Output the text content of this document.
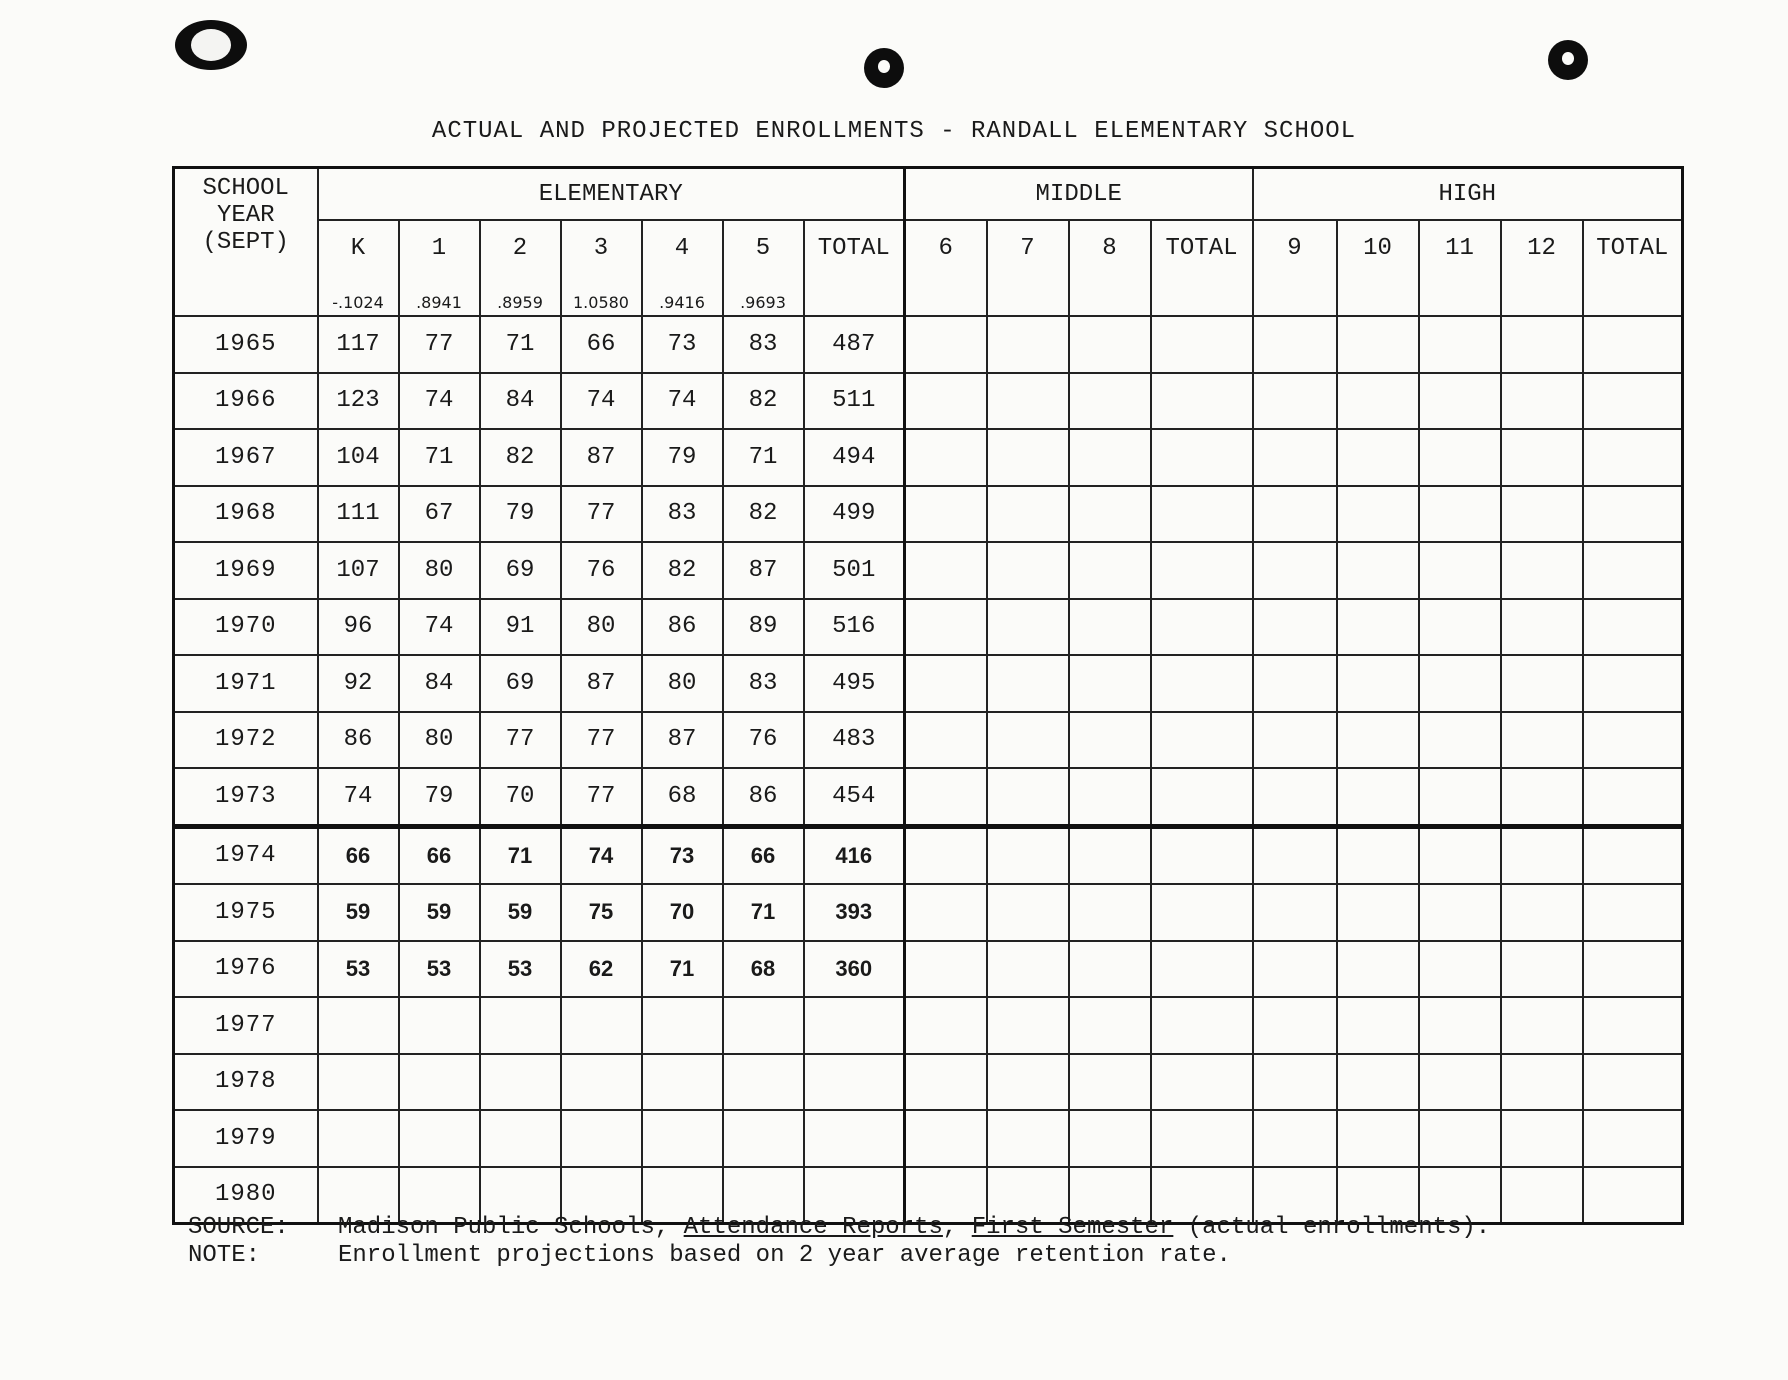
ACTUAL AND PROJECTED ENROLLMENTS - RANDALL ELEMENTARY SCHOOL
SCHOOL
YEAR
(SEPT)	ELEMENTARY							MIDDLE				HIGH				
	K	1	2	3	4	5	TOTAL	6	7	8	TOTAL	9	10	11	12	TOTAL
	-.1024	.8941	.8959	1.0580	.9416	.9693										
1965	117	77	71	66	73	83	487									
1966	123	74	84	74	74	82	511									
1967	104	71	82	87	79	71	494									
1968	111	67	79	77	83	82	499									
1969	107	80	69	76	82	87	501									
1970	96	74	91	80	86	89	516									
1971	92	84	69	87	80	83	495									
1972	86	80	77	77	87	76	483									
1973	74	79	70	77	68	86	454									
1974	66	66	71	74	73	66	416									
1975	59	59	59	75	70	71	393									
1976	53	53	53	62	71	68	360									
1977																
1978																
1979																
1980																
SOURCE:	Madison Public Schools, Attendance Reports, First Semester (actual enrollments).
NOTE:	Enrollment projections based on 2 year average retention rate.
